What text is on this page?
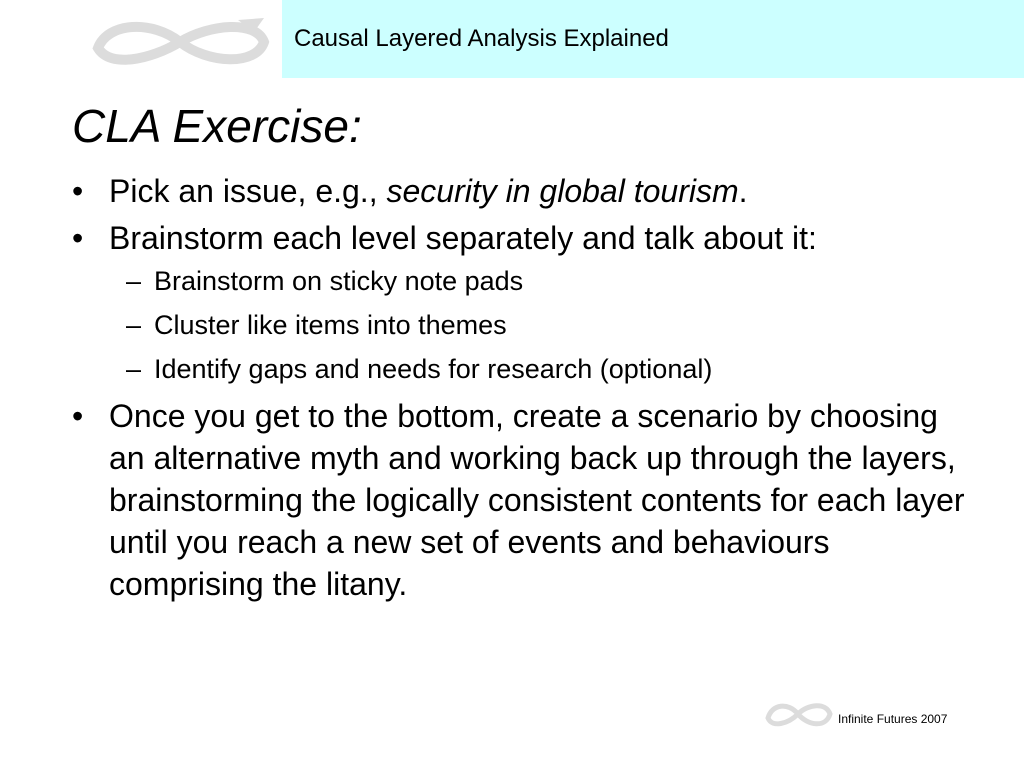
Causal Layered Analysis Explained
CLA Exercise:
• Pick an issue, e.g., security in global tourism.
• Brainstorm each level separately and talk about it:
– Brainstorm on sticky note pads
– Cluster like items into themes
– Identify gaps and needs for research (optional)
• Once you get to the bottom, create a scenario by choosing an alternative myth and working back up through the layers, brainstorming the logically consistent contents for each layer until you reach a new set of events and behaviours comprising the litany.
Infinite Futures 2007
